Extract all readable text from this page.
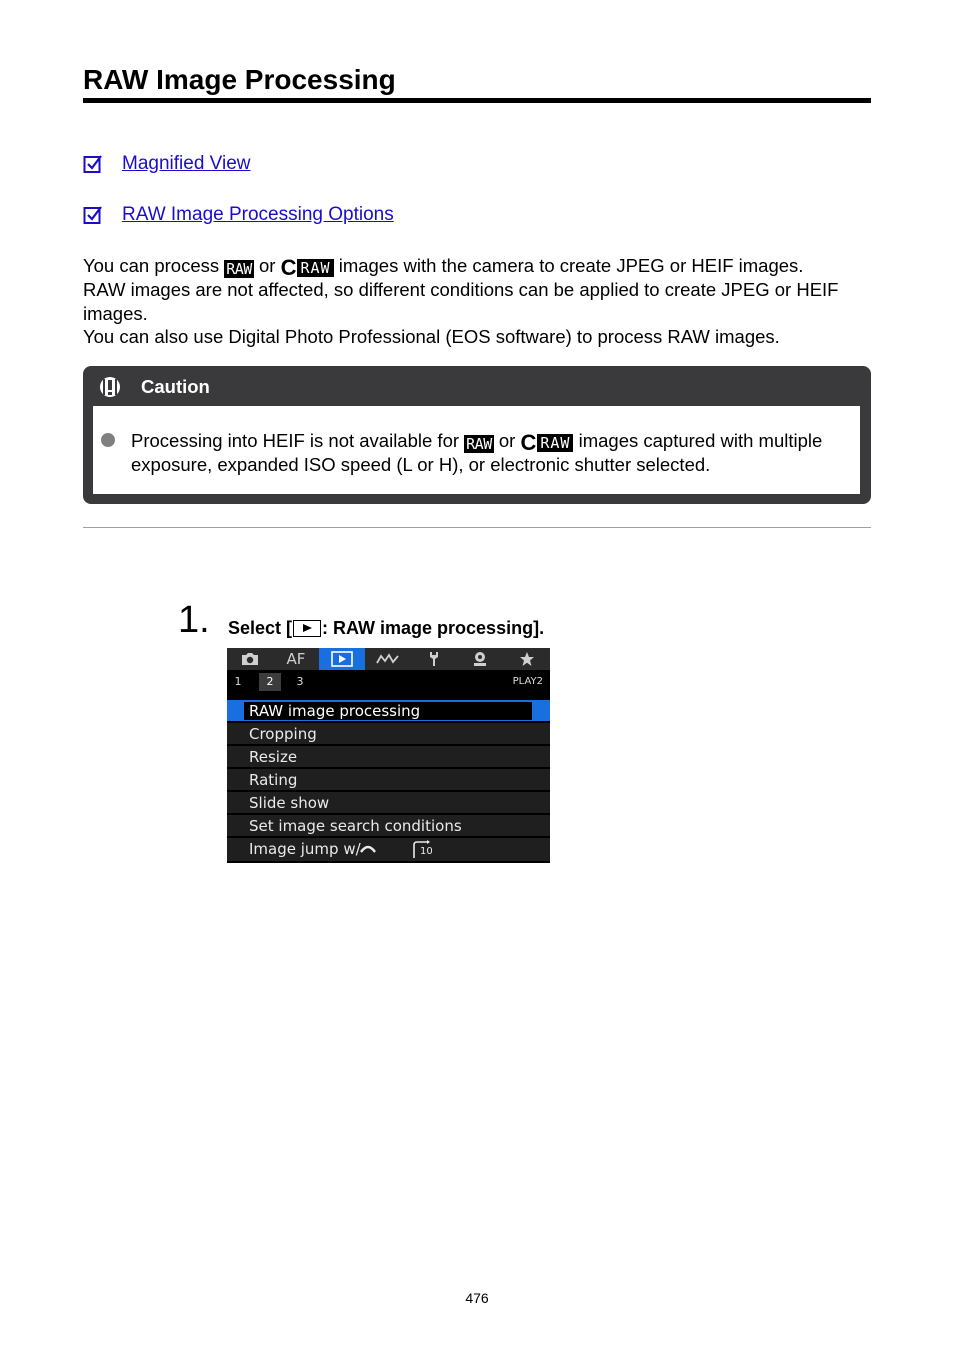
RAW Image Processing
Magnified View
RAW Image Processing Options
You can process RAW or C RAW images with the camera to create JPEG or HEIF images.
RAW images are not affected, so different conditions can be applied to create JPEG or HEIF images.
You can also use Digital Photo Professional (EOS software) to process RAW images.
Caution
Processing into HEIF is not available for RAW or C RAW images captured with multiple exposure, expanded ISO speed (L or H), or electronic shutter selected.
1. Select [ : RAW image processing].
AF
1	2	3	PLAY2
RAW image processing
Cropping
Resize
Rating
Slide show
Set image search conditions
Image jump w/	10
476
